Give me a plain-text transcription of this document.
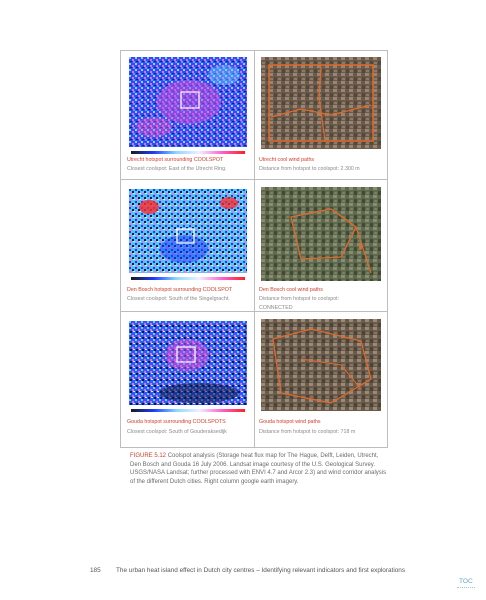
Utrecht hotspot surrounding COOLSPOT
Closest coolspot: East of the Utrecht Ring.
Utrecht cool wind paths
Distance from hotspot to coolspot: 2.300 m
Den Bosch hotspot surrounding COOLSPOT
Closest coolspot: South of the Singelgracht.
Den Bosch cool wind paths
Distance from hotspot to coolspot:
CONNECTED
Gouda hotspot surrounding COOLSPOTS
Closest coolspot: South of Gouderaksedijk
Gouda hotspot wind paths
Distance from hotspot to coolspot: 718 m
FIGURE 5.12 Coolspot analysis (Storage heat flux map for The Hague, Delft, Leiden, Utrecht, Den Bosch and Gouda 16 July 2006. Landsat image courtesy of the U.S. Geological Survey. USGS/NASA Landsat; further processed with ENVI 4.7 and Arcor 2.3) and wind corridor analysis of the different Dutch cities. Right column google earth imagery.
185 The urban heat island effect in Dutch city centres – Identifying relevant indicators and first explorations
TOC
